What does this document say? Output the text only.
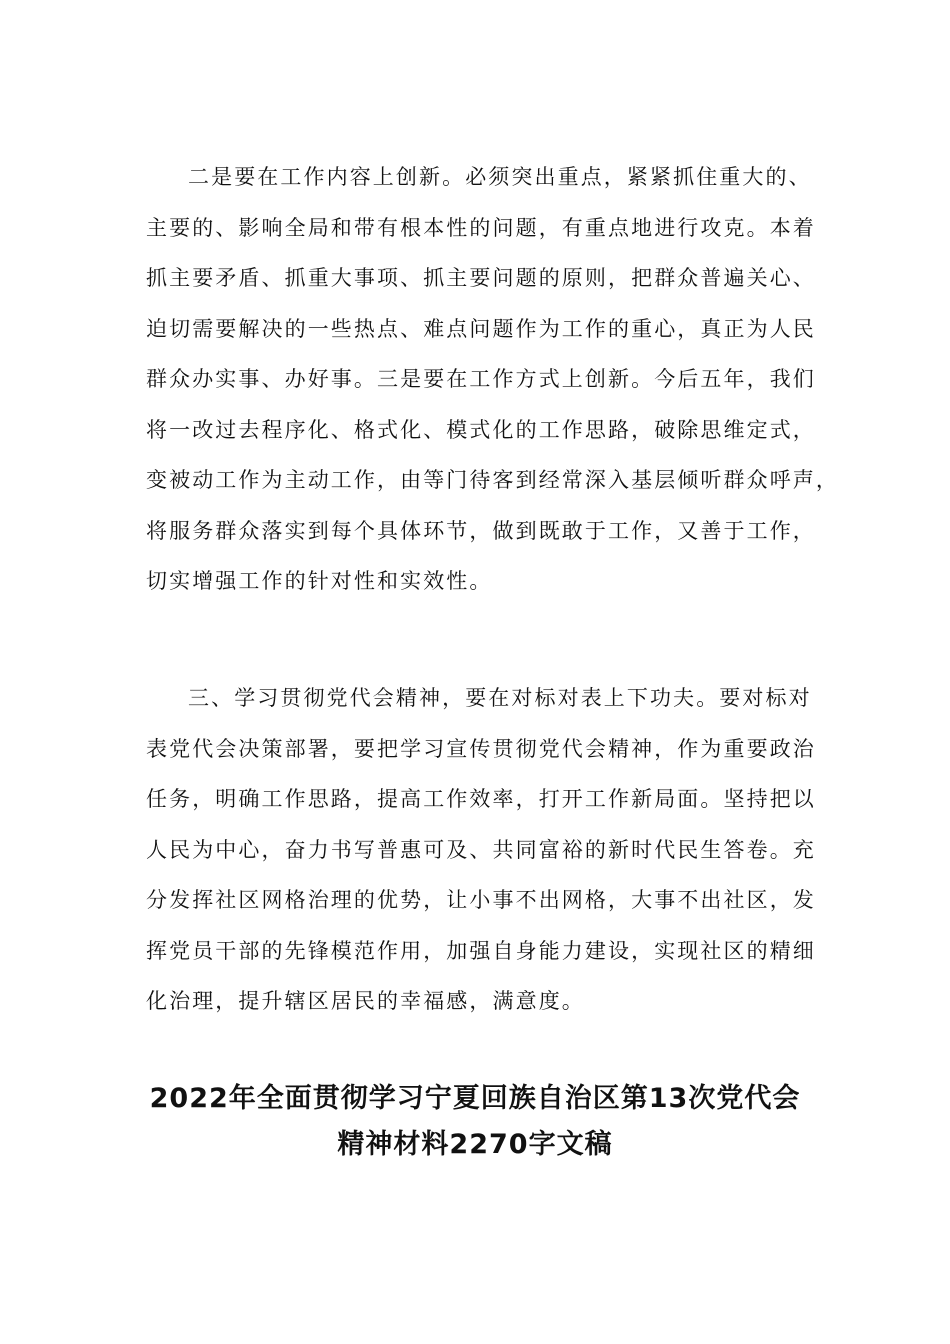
二是要在工作内容上创新。必须突出重点，紧紧抓住重大的、
主要的、影响全局和带有根本性的问题，有重点地进行攻克。本着
抓主要矛盾、抓重大事项、抓主要问题的原则，把群众普遍关心、
迫切需要解决的一些热点、难点问题作为工作的重心，真正为人民
群众办实事、办好事。三是要在工作方式上创新。今后五年，我们
将一改过去程序化、格式化、模式化的工作思路，破除思维定式，
变被动工作为主动工作，由等门待客到经常深入基层倾听群众呼声，
将服务群众落实到每个具体环节，做到既敢于工作，又善于工作，
切实增强工作的针对性和实效性。
三、学习贯彻党代会精神，要在对标对表上下功夫。要对标对
表党代会决策部署，要把学习宣传贯彻党代会精神，作为重要政治
任务，明确工作思路，提高工作效率，打开工作新局面。坚持把以
人民为中心，奋力书写普惠可及、共同富裕的新时代民生答卷。充
分发挥社区网格治理的优势，让小事不出网格，大事不出社区，发
挥党员干部的先锋模范作用，加强自身能力建设，实现社区的精细
化治理，提升辖区居民的幸福感，满意度。
2022年全面贯彻学习宁夏回族自治区第13次党代会
精神材料2270字文稿
